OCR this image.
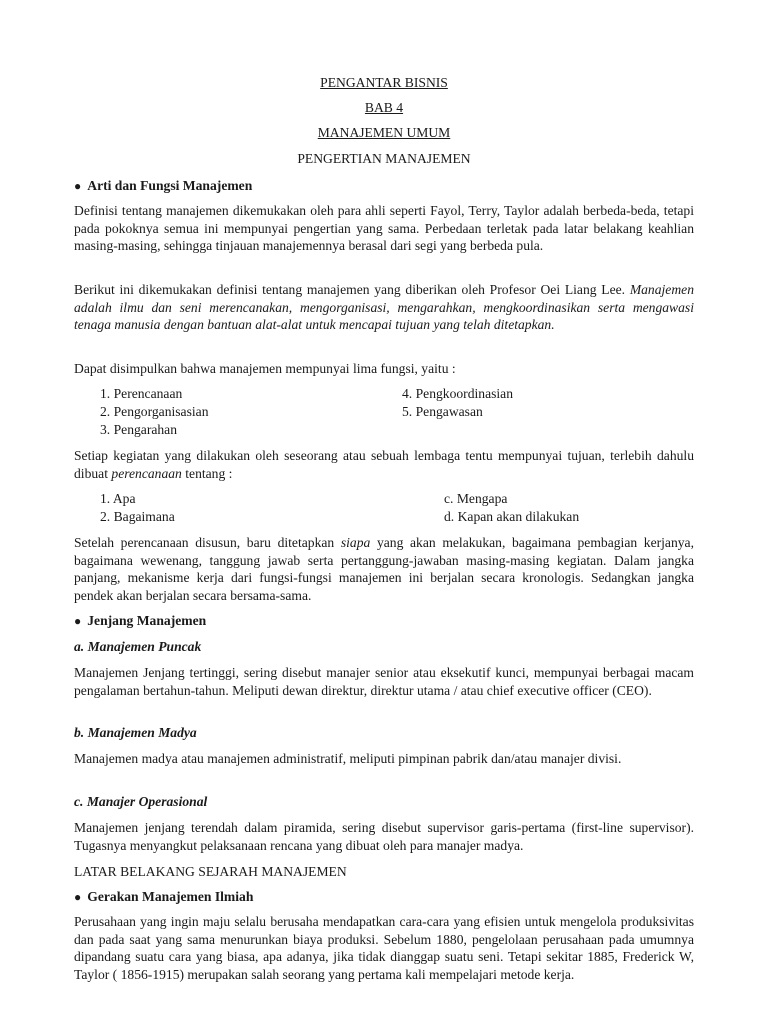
PENGANTAR BISNIS
BAB 4
MANAJEMEN UMUM
PENGERTIAN MANAJEMEN
● Arti dan Fungsi Manajemen
Definisi tentang manajemen dikemukakan oleh para ahli seperti Fayol, Terry, Taylor adalah berbeda-beda, tetapi pada pokoknya semua ini mempunyai pengertian yang sama. Perbedaan terletak pada latar belakang keahlian masing-masing, sehingga tinjauan manajemennya berasal dari segi yang berbeda pula.
Berikut ini dikemukakan definisi tentang manajemen yang diberikan oleh Profesor Oei Liang Lee. Manajemen adalah ilmu dan seni merencanakan, mengorganisasi, mengarahkan, mengkoordinasikan serta mengawasi tenaga manusia dengan bantuan alat-alat untuk mencapai tujuan yang telah ditetapkan.
Dapat disimpulkan bahwa manajemen mempunyai lima fungsi, yaitu :
1. Perencanaan	4. Pengkoordinasian
2. Pengorganisasian	5. Pengawasan
3. Pengarahan
Setiap kegiatan yang dilakukan oleh seseorang atau sebuah lembaga tentu mempunyai tujuan, terlebih dahulu dibuat perencanaan tentang :
1. Apa	c. Mengapa
2. Bagaimana	d. Kapan akan dilakukan
Setelah perencanaan disusun, baru ditetapkan siapa yang akan melakukan, bagaimana pembagian kerjanya, bagaimana wewenang, tanggung jawab serta pertanggung-jawaban masing-masing kegiatan. Dalam jangka panjang, mekanisme kerja dari fungsi-fungsi manajemen ini berjalan secara kronologis. Sedangkan jangka pendek akan berjalan secara bersama-sama.
● Jenjang Manajemen
a. Manajemen Puncak
Manajemen Jenjang tertinggi, sering disebut manajer senior atau eksekutif kunci, mempunyai berbagai macam pengalaman bertahun-tahun. Meliputi dewan direktur, direktur utama / atau chief executive officer (CEO).
b. Manajemen Madya
Manajemen madya atau manajemen administratif, meliputi pimpinan pabrik dan/atau manajer divisi.
c. Manajer Operasional
Manajemen jenjang terendah dalam piramida, sering disebut supervisor garis-pertama (first-line supervisor). Tugasnya menyangkut pelaksanaan rencana yang dibuat oleh para manajer madya.
LATAR BELAKANG SEJARAH MANAJEMEN
● Gerakan Manajemen Ilmiah
Perusahaan yang ingin maju selalu berusaha mendapatkan cara-cara yang efisien untuk mengelola produksivitas dan pada saat yang sama menurunkan biaya produksi. Sebelum 1880, pengelolaan perusahaan pada umumnya dipandang suatu cara yang biasa, apa adanya, jika tidak dianggap suatu seni. Tetapi sekitar 1885, Frederick W, Taylor ( 1856-1915) merupakan salah seorang yang pertama kali mempelajari metode kerja.
